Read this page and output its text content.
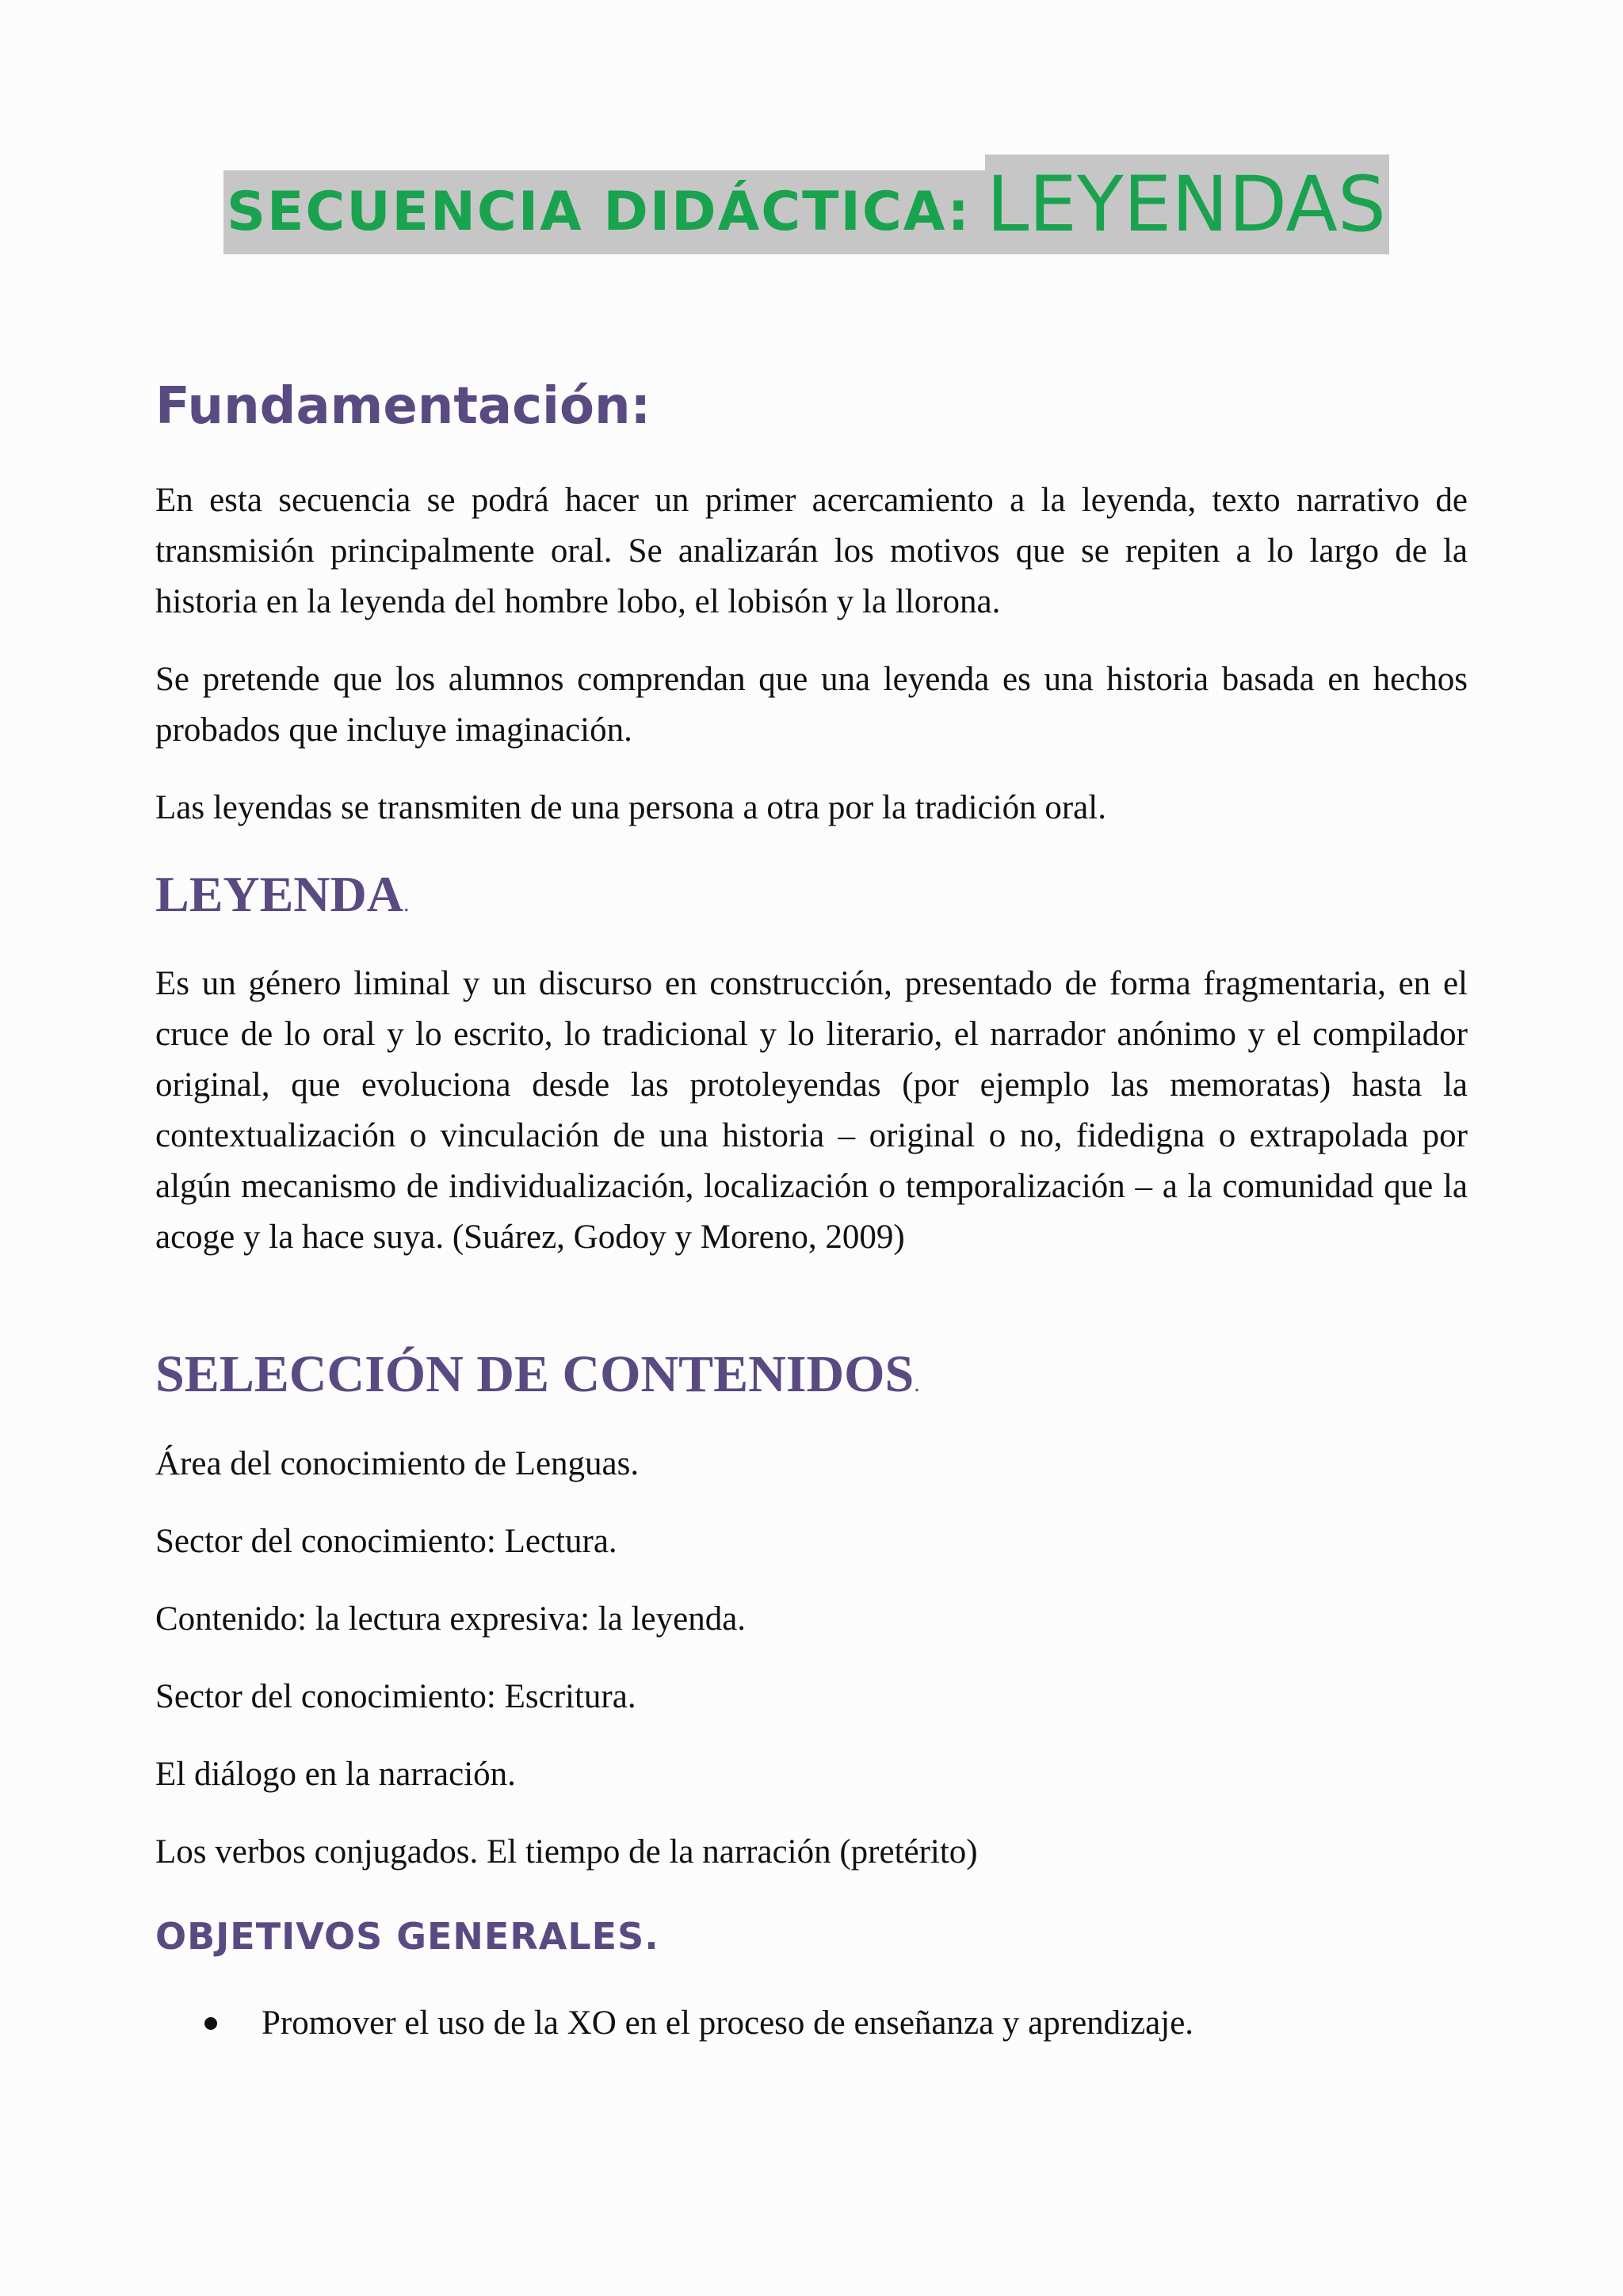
SECUENCIA DIDÁCTICA: LEYENDAS
Fundamentación:

En esta secuencia se podrá hacer un primer acercamiento a la leyenda, texto narrativo de transmisión principalmente oral. Se analizarán los motivos que se repiten a lo largo de la historia en la leyenda del hombre lobo, el lobisón y la llorona.

Se pretende que los alumnos comprendan que una leyenda es una historia basada en hechos probados que incluye imaginación.

Las leyendas se transmiten de una persona a otra por la tradición oral.

LEYENDA.

Es un género liminal y un discurso en construcción, presentado de forma fragmentaria, en el cruce de lo oral y lo escrito, lo tradicional y lo literario, el narrador anónimo y el compilador original, que evoluciona desde las protoleyendas (por ejemplo las memoratas) hasta la contextualización o vinculación de una historia – original o no, fidedigna o extrapolada por algún mecanismo de individualización, localización o temporalización – a la comunidad que la acoge y la hace suya. (Suárez, Godoy y Moreno, 2009)

SELECCIÓN DE CONTENIDOS.

Área del conocimiento de Lenguas.

Sector del conocimiento: Lectura.

Contenido: la lectura expresiva: la leyenda.

Sector del conocimiento: Escritura.

El diálogo en la narración.

Los verbos conjugados. El tiempo de la narración (pretérito)

OBJETIVOS GENERALES.
Promover el uso de la XO en el proceso de enseñanza y aprendizaje.
